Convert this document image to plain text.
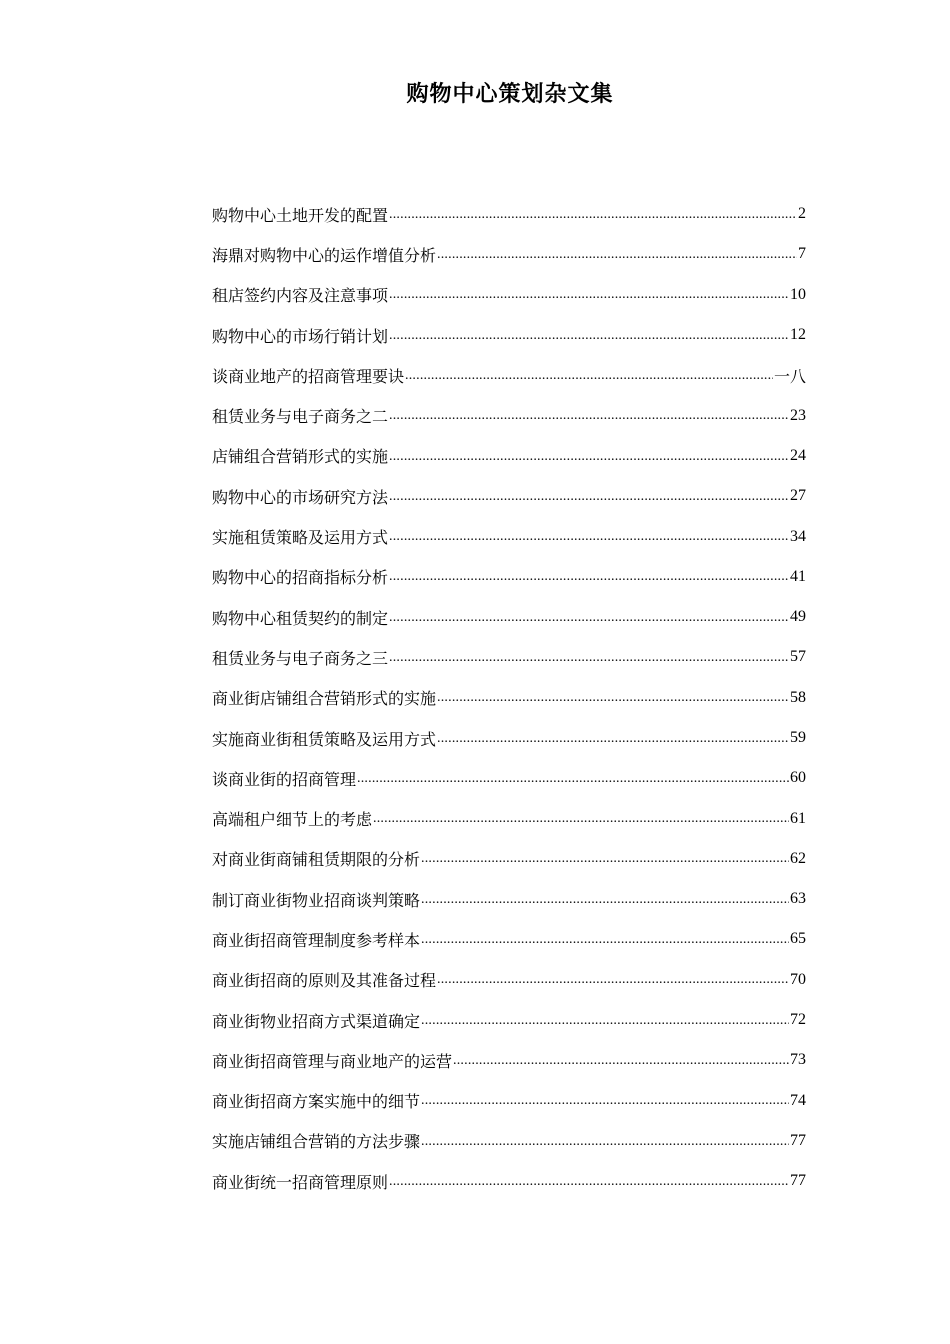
购物中心策划杂文集
购物中心土地开发的配置 .....	2
海鼎对购物中心的运作增值分析 .....	7
租店签约内容及注意事项 .....	10
购物中心的市场行销计划 .....	12
谈商业地产的招商管理要诀 .....	一八
租赁业务与电子商务之二 .....	23
店铺组合营销形式的实施 .....	24
购物中心的市场研究方法 .....	27
实施租赁策略及运用方式 .....	34
购物中心的招商指标分析 .....	41
购物中心租赁契约的制定 .....	49
租赁业务与电子商务之三 .....	57
商业街店铺组合营销形式的实施 .....	58
实施商业街租赁策略及运用方式 .....	59
谈商业街的招商管理 .....	60
高端租户细节上的考虑 .....	61
对商业街商铺租赁期限的分析 .....	62
制订商业街物业招商谈判策略 .....	63
商业街招商管理制度参考样本 .....	65
商业街招商的原则及其准备过程 .....	70
商业街物业招商方式渠道确定 .....	72
商业街招商管理与商业地产的运营 .....	73
商业街招商方案实施中的细节 .....	74
实施店铺组合营销的方法步骤 .....	77
商业街统一招商管理原则 .....	77
